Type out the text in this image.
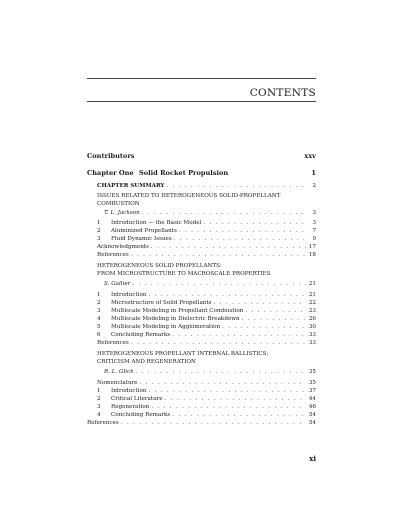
CONTENTS
Contributors	xxv
Chapter One Solid Rocket Propulsion	1
CHAPTER SUMMARY . . .	2
ISSUES RELATED TO HETEROGENEOUS SOLID-PROPELLANT
COMBUSTION
T. L. Jackson . . .	3
1 Introduction — the Basic Model . . .	3
2 Aluminized Propellants . . .	7
3 Fluid Dynamic Issues . . .	9
Acknowledgments . . .	17
References . . .	18
HETEROGENEOUS SOLID PROPELLANTS:
FROM MICROSTRUCTURE TO MACROSCALE PROPERTIES
S. Gallier . . .	21
1 Introduction . . .	21
2 Microstructure of Solid Propellants . . .	22
3 Multiscale Modeling in Propellant Combustion . . .	23
4 Multiscale Modeling in Dielectric Breakdown . . .	26
5 Multiscale Modeling in Agglomeration . . .	30
6 Concluding Remarks . . .	33
References . . .	33
HETEROGENEOUS PROPELLANT INTERNAL BALLISTICS:
CRITICISM AND REGENERATION
R. L. Glick . . .	35
Nomenclature . . .	35
1 Introduction . . .	37
2 Critical Literature . . .	44
3 Regeneration . . .	46
4 Concluding Remarks . . .	54
References . . .	54
xi
